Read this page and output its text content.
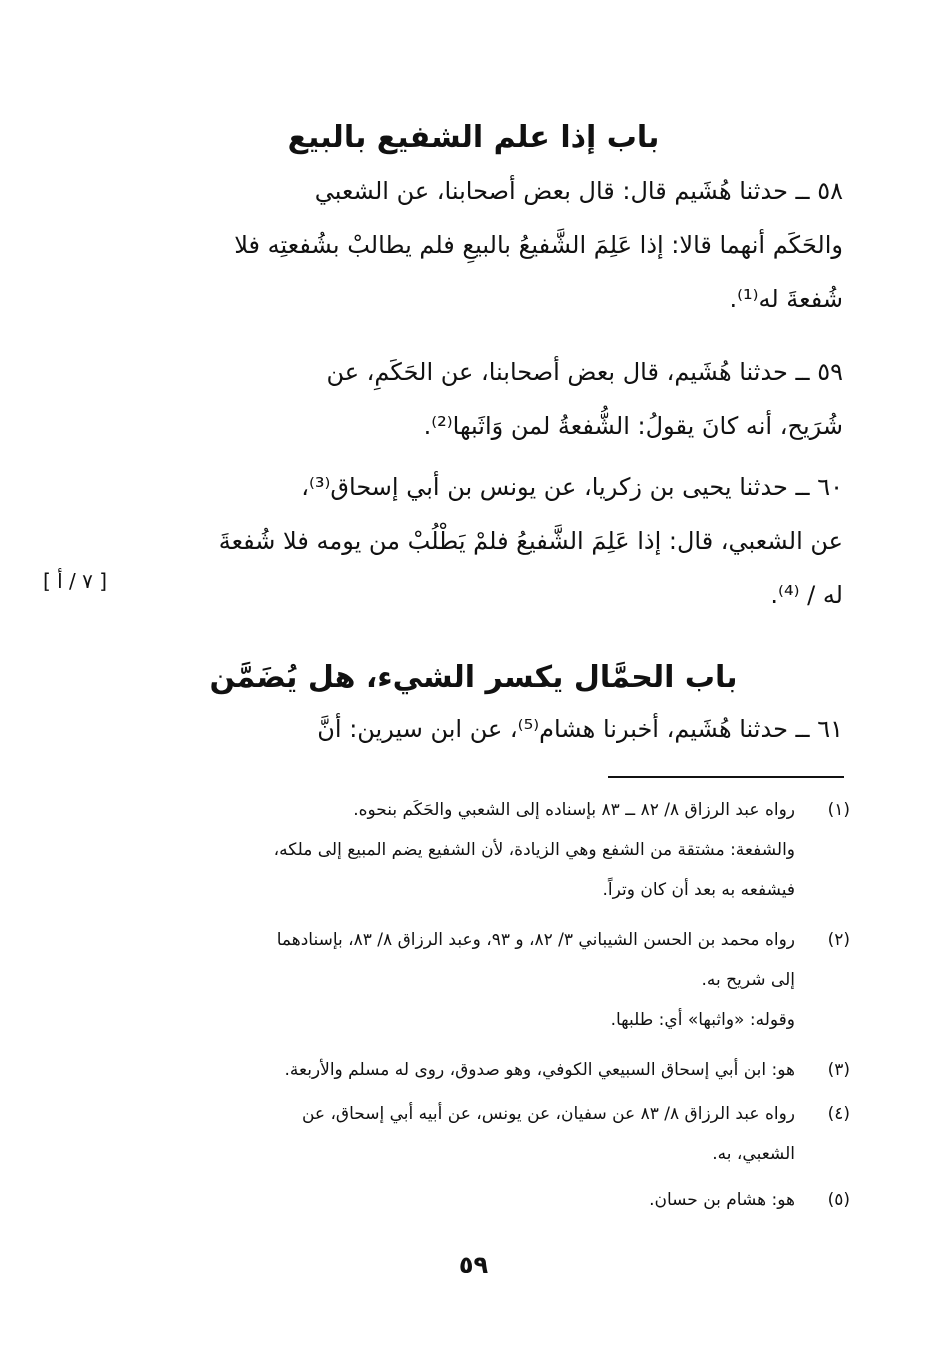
باب إذا علم الشفيع بالبيع
٥٨ ــ حدثنا هُشَيم قال: قال بعض أصحابنا، عن الشعبي
والحَكَم أنهما قالا: إذا عَلِمَ الشَّفيعُ بالبيعِ فلم يطالبْ بشُفعتِه فلا
شُفعةَ له⁽¹⁾.
٥٩ ــ حدثنا هُشَيم، قال بعض أصحابنا، عن الحَكَمِ، عن
شُرَيح، أنه كانَ يقولُ: الشُّفعةُ لمن وَاثَبها⁽²⁾.
٦٠ ــ حدثنا يحيى بن زكريا، عن يونس بن أبي إسحاق⁽³⁾،
عن الشعبي، قال: إذا عَلِمَ الشَّفيعُ فلمْ يَطْلُبْ من يومه فلا شُفعةَ
له / ⁽⁴⁾.
[ ٧ / أ ]
باب الحمَّال يكسر الشيء، هل يُضَمَّن
٦١ ــ حدثنا هُشَيم، أخبرنا هشام⁽⁵⁾، عن ابن سيرين: أنَّ
(١)رواه عبد الرزاق ٨/ ٨٢ ــ ٨٣ بإسناده إلى الشعبي والحَكَم بنحوه.
والشفعة: مشتقة من الشفع وهي الزيادة، لأن الشفيع يضم المبيع إلى ملكه،
فيشفعه به بعد أن كان وتراً.
(٢)رواه محمد بن الحسن الشيباني ٣/ ٨٢، و ٩٣، وعبد الرزاق ٨/ ٨٣، بإسنادهما
إلى شريح به.
وقوله: «واثبها» أي: طلبها.
(٣)هو: ابن أبي إسحاق السبيعي الكوفي، وهو صدوق، روى له مسلم والأربعة.
(٤)رواه عبد الرزاق ٨/ ٨٣ عن سفيان، عن يونس، عن أبيه أبي إسحاق، عن
الشعبي، به.
(٥)هو: هشام بن حسان.
٥٩
